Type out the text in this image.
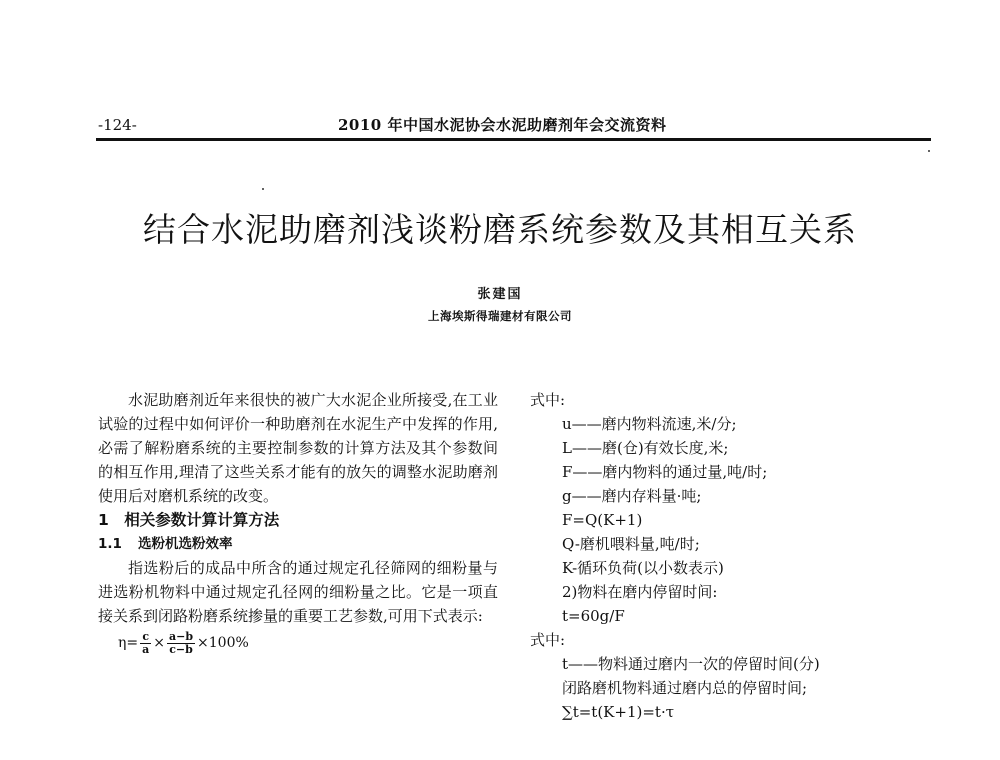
-124-	2010 年中国水泥协会水泥助磨剂年会交流资料
结合水泥助磨剂浅谈粉磨系统参数及其相互关系
张建国
上海埃斯得瑞建材有限公司

水泥助磨剂近年来很快的被广大水泥企业所接受,在工业试验的过程中如何评价一种助磨剂在水泥生产中发挥的作用,必需了解粉磨系统的主要控制参数的计算方法及其个参数间的相互作用,理清了这些关系才能有的放矢的调整水泥助磨剂使用后对磨机系统的改变。

1　相关参数计算计算方法

1.1 选粉机选粉效率

指选粉后的成品中所含的通过规定孔径筛网的细粉量与进选粉机物料中通过规定孔径网的细粉量之比。它是一项直接关系到闭路粉磨系统掺量的重要工艺参数,可用下式表示:

$\eta= \frac{c}{a} \times \frac{a-b}{c-b} \times 100\%$

式中:

u——磨内物料流速,米/分;

L——磨(仓)有效长度,米;

F——磨内物料的通过量,吨/时;

g——磨内存料量·吨;

F=Q(K+1)

Q-磨机喂料量,吨/时;

K-循环负荷(以小数表示)

2)物料在磨内停留时间:

t=60g/F

式中:

t——物料通过磨内一次的停留时间(分)

闭路磨机物料通过磨内总的停留时间;

∑t=t(K+1)=t·τ
